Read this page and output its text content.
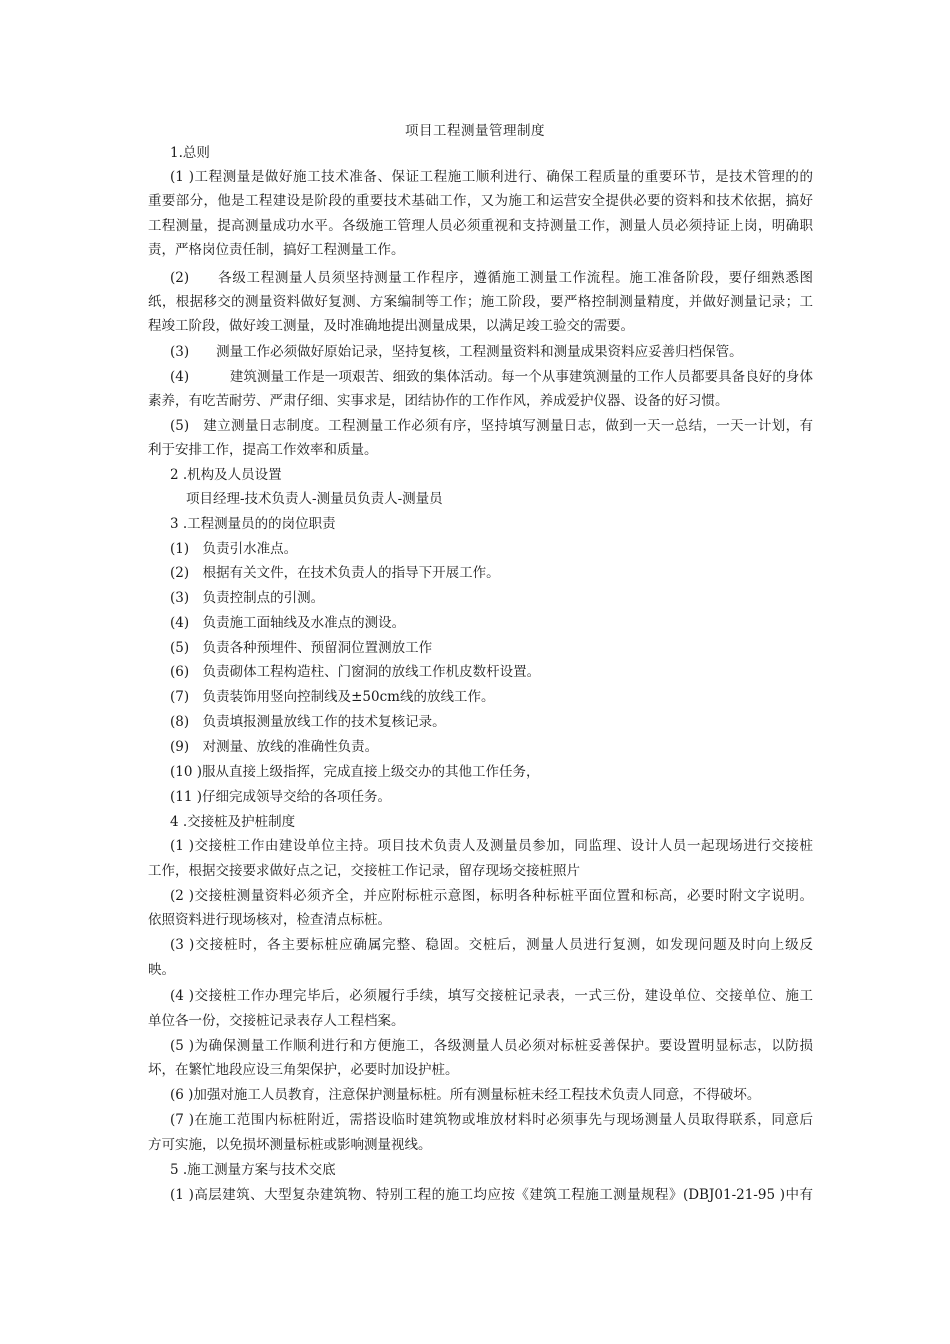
项目工程测量管理制度
1.总则
(1 )工程测量是做好施工技术准备、保证工程施工顺利进行、确保工程质量的重要环节，是技术管理的的
重要部分，他是工程建设是阶段的重要技术基础工作，又为施工和运营安全提供必要的资料和技术依据，搞好
工程测量，提高测量成功水平。各级施工管理人员必须重视和支持测量工作，测量人员必须持证上岗，明确职
责，严格岗位责任制，搞好工程测量工作。
(2)　　各级工程测量人员须坚持测量工作程序，遵循施工测量工作流程。施工准备阶段，要仔细熟悉图
纸，根据移交的测量资料做好复测、方案编制等工作；施工阶段，要严格控制测量精度，并做好测量记录；工
程竣工阶段，做好竣工测量，及时准确地提出测量成果，以满足竣工验交的需要。
(3)　　测量工作必须做好原始记录，坚持复核，工程测量资料和测量成果资料应妥善归档保管。
(4)　　　建筑测量工作是一项艰苦、细致的集体活动。每一个从事建筑测量的工作人员都要具备良好的身体
素养，有吃苦耐劳、严肃仔细、实事求是，团结协作的工作作风，养成爱护仪器、设备的好习惯。
(5)　建立测量日志制度。工程测量工作必须有序，坚持填写测量日志，做到一天一总结，一天一计划，有
利于安排工作，提高工作效率和质量。
2 .机构及人员设置
项目经理-技术负责人-测量员负责人-测量员
3 .工程测量员的的岗位职责
(1)　负责引水准点。
(2)　根据有关文件，在技术负责人的指导下开展工作。
(3)　负责控制点的引测。
(4)　负责施工面轴线及水准点的测设。
(5)　负责各种预埋件、预留洞位置测放工作
(6)　负责砌体工程构造柱、门窗洞的放线工作机皮数杆设置。
(7)　负责装饰用竖向控制线及±50cm线的放线工作。
(8)　负责填报测量放线工作的技术复核记录。
(9)　对测量、放线的准确性负责。
(10 )服从直接上级指挥，完成直接上级交办的其他工作任务，
(11 )仔细完成领导交给的各项任务。
4 .交接桩及护桩制度
(1 )交接桩工作由建设单位主持。项目技术负责人及测量员参加，同监理、设计人员一起现场进行交接桩
工作，根据交接要求做好点之记，交接桩工作记录，留存现场交接桩照片
(2 )交接桩测量资料必须齐全，并应附标桩示意图，标明各种标桩平面位置和标高，必要时附文字说明。
依照资料进行现场核对，检查清点标桩。
(3 )交接桩时，各主要标桩应确属完整、稳固。交桩后，测量人员进行复测，如发现问题及时向上级反
映。
(4 )交接桩工作办理完毕后，必须履行手续，填写交接桩记录表，一式三份，建设单位、交接单位、施工
单位各一份，交接桩记录表存人工程档案。
(5 )为确保测量工作顺利进行和方便施工，各级测量人员必须对标桩妥善保护。要设置明显标志，以防损
坏，在繁忙地段应设三角架保护，必要时加设护桩。
(6 )加强对施工人员教育，注意保护测量标桩。所有测量标桩未经工程技术负责人同意，不得破坏。
(7 )在施工范围内标桩附近，需搭设临时建筑物或堆放材料时必须事先与现场测量人员取得联系，同意后
方可实施，以免损坏测量标桩或影响测量视线。
5 .施工测量方案与技术交底
(1 )高层建筑、大型复杂建筑物、特别工程的施工均应按《建筑工程施工测量规程》(DBJ01-21-95 )中有
